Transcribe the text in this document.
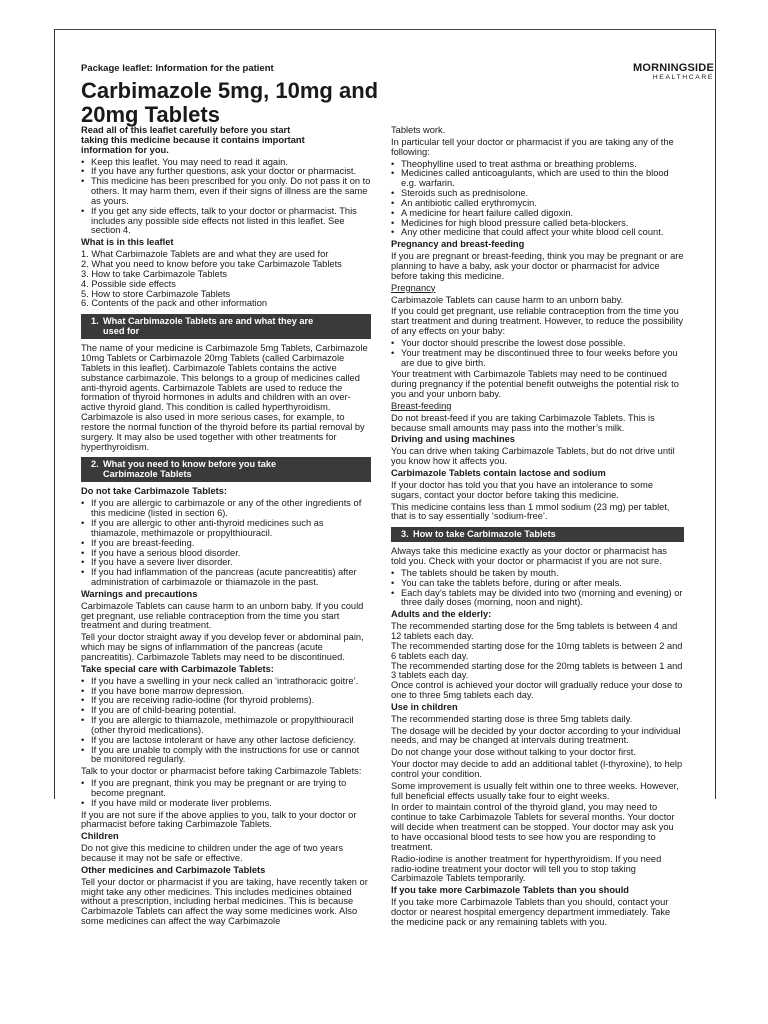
Package leaflet: Information for the patient	MORNINGSIDE
HEALTHCARE
Carbimazole 5mg, 10mg and
20mg Tablets

Read all of this leaflet carefully before you start
taking this medicine because it contains important
information for you.

• Keep this leaflet. You may need to read it again.
• If you have any further questions, ask your doctor or pharmacist.
• This medicine has been prescribed for you only. Do not pass it on to others. It may harm them, even if their signs of illness are the same as yours.
• If you get any side effects, talk to your doctor or pharmacist. This includes any possible side effects not listed in this leaflet. See section 4.

What is in this leaflet

1. What Carbimazole Tablets are and what they are used for
2. What you need to know before you take Carbimazole Tablets
3. How to take Carbimazole Tablets
4. Possible side effects
5. How to store Carbimazole Tablets
6. Contents of the pack and other information
1. What Carbimazole Tablets are and what they are
used for

The name of your medicine is Carbimazole 5mg Tablets, Carbimazole 10mg Tablets or Carbimazole 20mg Tablets (called Carbimazole Tablets in this leaflet). Carbimazole Tablets contains the active substance carbimazole. This belongs to a group of medicines called anti-thyroid agents. Carbimazole Tablets are used to reduce the formation of thyroid hormones in adults and children with an over-active thyroid gland. This condition is called hyperthyroidism. Carbimazole is also used in more serious cases, for example, to restore the normal function of the thyroid before its partial removal by surgery. It may also be used together with other treatments for hyperthyroidism.

2. What you need to know before you take
Carbimazole Tablets

Do not take Carbimazole Tablets:

• If you are allergic to carbimazole or any of the other ingredients of this medicine (listed in section 6).
• If you are allergic to other anti-thyroid medicines such as thiamazole, methimazole or propylthiouracil.
• If you are breast-feeding.
• If you have a serious blood disorder.
• If you have a severe liver disorder.
• If you had inflammation of the pancreas (acute pancreatitis) after administration of carbimazole or thiamazole in the past.

Warnings and precautions

Carbimazole Tablets can cause harm to an unborn baby. If you could get pregnant, use reliable contraception from the time you start treatment and during treatment.

Tell your doctor straight away if you develop fever or abdominal pain, which may be signs of inflammation of the pancreas (acute pancreatitis). Carbimazole Tablets may need to be discontinued.

Take special care with Carbimazole Tablets:

• If you have a swelling in your neck called an ‘intrathoracic goitre’.
• If you have bone marrow depression.
• If you are receiving radio-iodine (for thyroid problems).
• If you are of child-bearing potential.
• If you are allergic to thiamazole, methimazole or propylthiouracil (other thyroid medications).
• If you are lactose intolerant or have any other lactose deficiency.
• If you are unable to comply with the instructions for use or cannot be monitored regularly.

Talk to your doctor or pharmacist before taking Carbimazole Tablets:

• If you are pregnant, think you may be pregnant or are trying to become pregnant.
• If you have mild or moderate liver problems.

If you are not sure if the above applies to you, talk to your doctor or pharmacist before taking Carbimazole Tablets.

Children

Do not give this medicine to children under the age of two years because it may not be safe or effective.

Other medicines and Carbimazole Tablets

Tell your doctor or pharmacist if you are taking, have recently taken or might take any other medicines. This includes medicines obtained without a prescription, including herbal medicines. This is because Carbimazole Tablets can affect the way some medicines work. Also some medicines can affect the way Carbimazole

Tablets work.

In particular tell your doctor or pharmacist if you are taking any of the following:

• Theophylline used to treat asthma or breathing problems.
• Medicines called anticoagulants, which are used to thin the blood e.g. warfarin.
• Steroids such as prednisolone.
• An antibiotic called erythromycin.
• A medicine for heart failure called digoxin.
• Medicines for high blood pressure called beta-blockers.
• Any other medicine that could affect your white blood cell count.

Pregnancy and breast-feeding

If you are pregnant or breast-feeding, think you may be pregnant or are planning to have a baby, ask your doctor or pharmacist for advice before taking this medicine.

Pregnancy

Carbimazole Tablets can cause harm to an unborn baby.

If you could get pregnant, use reliable contraception from the time you start treatment and during treatment. However, to reduce the possibility of any effects on your baby:

• Your doctor should prescribe the lowest dose possible.
• Your treatment may be discontinued three to four weeks before you are due to give birth.

Your treatment with Carbimazole Tablets may need to be continued during pregnancy if the potential benefit outweighs the potential risk to you and your unborn baby.

Breast-feeding

Do not breast-feed if you are taking Carbimazole Tablets. This is because small amounts may pass into the mother’s milk.

Driving and using machines

You can drive when taking Carbimazole Tablets, but do not drive until you know how it affects you.

Carbimazole Tablets contain lactose and sodium

If your doctor has told you that you have an intolerance to some sugars, contact your doctor before taking this medicine.

This medicine contains less than 1 mmol sodium (23 mg) per tablet, that is to say essentially ‘sodium-free’.

3. How to take Carbimazole Tablets

Always take this medicine exactly as your doctor or pharmacist has told you. Check with your doctor or pharmacist if you are not sure.

• The tablets should be taken by mouth.
• You can take the tablets before, during or after meals.
• Each day’s tablets may be divided into two (morning and evening) or three daily doses (morning, noon and night).

Adults and the elderly:

The recommended starting dose for the 5mg tablets is between 4 and 12 tablets each day.

The recommended starting dose for the 10mg tablets is between 2 and 6 tablets each day.

The recommended starting dose for the 20mg tablets is between 1 and 3 tablets each day.

Once control is achieved your doctor will gradually reduce your dose to one to three 5mg tablets each day.

Use in children

The recommended starting dose is three 5mg tablets daily.

The dosage will be decided by your doctor according to your individual needs, and may be changed at intervals during treatment.

Do not change your dose without talking to your doctor first.

Your doctor may decide to add an additional tablet (l-thyroxine), to help control your condition.

Some improvement is usually felt within one to three weeks. However, full beneficial effects usually take four to eight weeks.

In order to maintain control of the thyroid gland, you may need to continue to take Carbimazole Tablets for several months. Your doctor will decide when treatment can be stopped. Your doctor may ask you to have occasional blood tests to see how you are responding to treatment.

Radio-iodine is another treatment for hyperthyroidism. If you need radio-iodine treatment your doctor will tell you to stop taking Carbimazole Tablets temporarily.

If you take more Carbimazole Tablets than you should

If you take more Carbimazole Tablets than you should, contact your doctor or nearest hospital emergency department immediately. Take the medicine pack or any remaining tablets with you.
